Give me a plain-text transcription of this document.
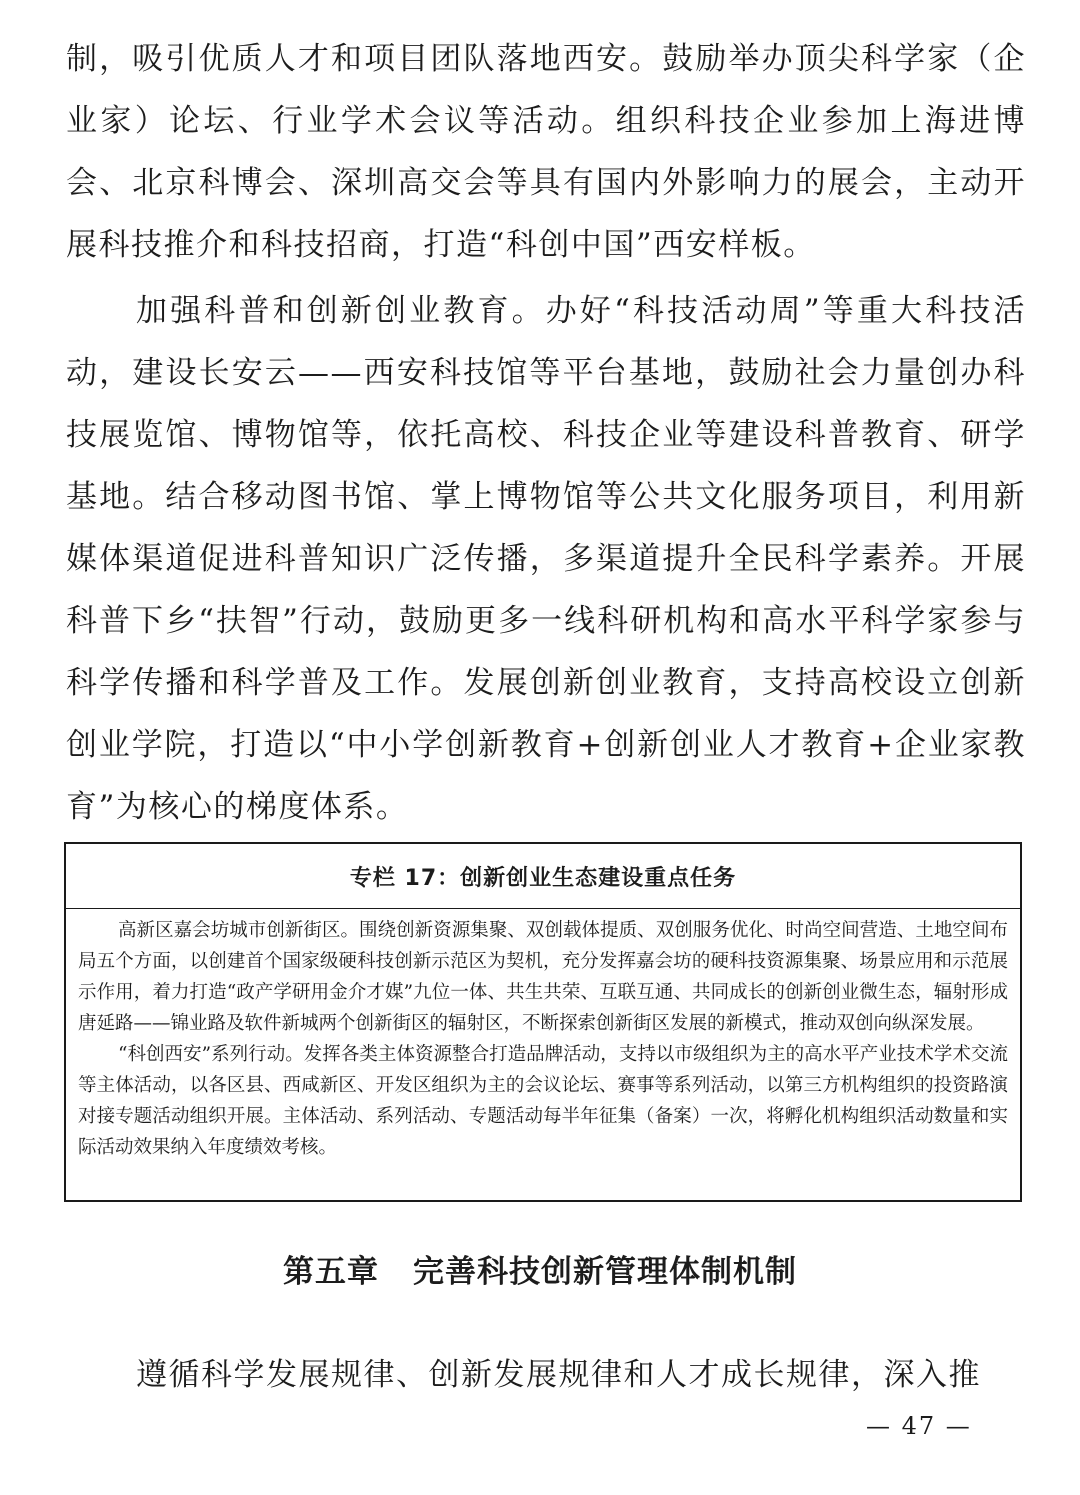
制，吸引优质人才和项目团队落地西安。鼓励举办顶尖科学家（企业家）论坛、行业学术会议等活动。组织科技企业参加上海进博会、北京科博会、深圳高交会等具有国内外影响力的展会，主动开展科技推介和科技招商，打造“科创中国”西安样板。

加强科普和创新创业教育。办好“科技活动周”等重大科技活动，建设长安云——西安科技馆等平台基地，鼓励社会力量创办科技展览馆、博物馆等，依托高校、科技企业等建设科普教育、研学基地。结合移动图书馆、掌上博物馆等公共文化服务项目，利用新媒体渠道促进科普知识广泛传播，多渠道提升全民科学素养。开展科普下乡“扶智”行动，鼓励更多一线科研机构和高水平科学家参与科学传播和科学普及工作。发展创新创业教育，支持高校设立创新创业学院，打造以“中小学创新教育+创新创业人才教育+企业家教育”为核心的梯度体系。

专栏 17：创新创业生态建设重点任务

高新区嘉会坊城市创新街区。围绕创新资源集聚、双创载体提质、双创服务优化、时尚空间营造、土地空间布局五个方面，以创建首个国家级硬科技创新示范区为契机，充分发挥嘉会坊的硬科技资源集聚、场景应用和示范展示作用，着力打造“政产学研用金介才媒”九位一体、共生共荣、互联互通、共同成长的创新创业微生态，辐射形成唐延路——锦业路及软件新城两个创新街区的辐射区，不断探索创新街区发展的新模式，推动双创向纵深发展。

“科创西安”系列行动。发挥各类主体资源整合打造品牌活动，支持以市级组织为主的高水平产业技术学术交流等主体活动，以各区县、西咸新区、开发区组织为主的会议论坛、赛事等系列活动，以第三方机构组织的投资路演对接专题活动组织开展。主体活动、系列活动、专题活动每半年征集（备案）一次，将孵化机构组织活动数量和实际活动效果纳入年度绩效考核。

第五章 完善科技创新管理体制机制

遵循科学发展规律、创新发展规律和人才成长规律，深入推

— 47 —
